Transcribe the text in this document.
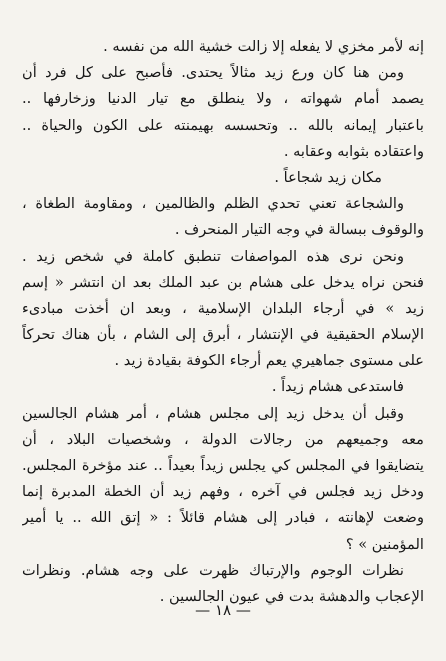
إنه لأمر مخزي لا يفعله إلا زالت خشية الله من نفسه .
ومن هنا كان ورع زيد مثالاً يحتدى. فأصبح على كل فرد أن
يصمد أمام شهواته ، ولا ينطلق مع تيار الدنيا وزخارفها ..
باعتبار إيمانه بالله .. وتحسسه بهيمنته على الكون والحياة ..
واعتقاده بثوابه وعقابه .
مكان زيد شجاعاً .
والشجاعة تعني تحدي الظلم والظالمين ، ومقاومة الطغاة ،
والوقوف ببسالة في وجه التيار المنحرف .
ونحن نرى هذه المواصفات تنطبق كاملة في شخص زيد .
فنحن نراه يدخل على هشام بن عبد الملك بعد ان انتشر « إسم
زيد » في أرجاء البلدان الإسلامية ، وبعد ان أخذت مبادىء
الإسلام الحقيقية في الإنتشار ، أبرق إلى الشام ، بأن هناك تحركاً
على مستوى جماهيري يعم أرجاء الكوفة بقيادة زيد .
فاستدعى هشام زيداً .
وقبل أن يدخل زيد إلى مجلس هشام ، أمر هشام الجالسين
معه وجميعهم من رجالات الدولة ، وشخصيات البلاد ، أن
يتضايقوا في المجلس كي يجلس زيداً بعيداً .. عند مؤخرة المجلس.
ودخل زيد فجلس في آخره ، وفهم زيد أن الخطة المدبرة إنما
وضعت لإهانته ، فبادر إلى هشام قائلاً : « إتق الله .. يا أمير
المؤمنين » ؟
نظرات الوجوم والإرتباك ظهرت على وجه هشام. ونظرات
الإعجاب والدهشة بدت في عيون الجالسين .
— ١٨ —
